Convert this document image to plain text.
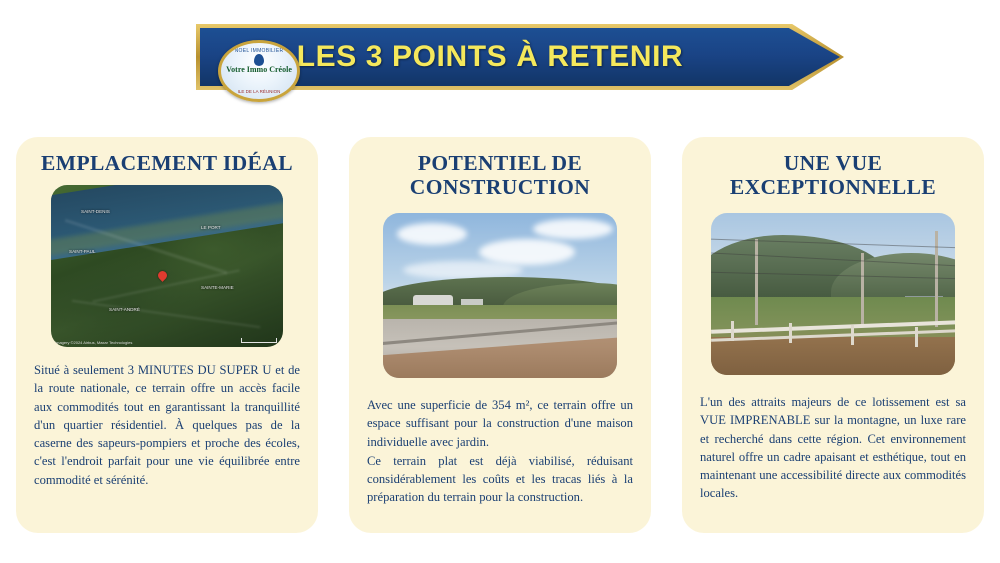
LES 3 POINTS À RETENIR
NOEL IMMOBILIER
Votre Immo Créole
ILE DE LA RÉUNION
EMPLACEMENT IDÉAL
SAINT-DENIS
SAINT-PAUL
LE PORT
SAINTE-MARIE
SAINT-ANDRÉ
Imagery ©2024 Airbus, Maxar Technologies

Situé à seulement 3 MINUTES DU SUPER U et de la route nationale, ce terrain offre un accès facile aux commodités tout en garantissant la tranquillité d'un quartier résidentiel. À quelques pas de la caserne des sapeurs-pompiers et proche des écoles, c'est l'endroit parfait pour une vie équilibrée entre commodité et sérénité.

POTENTIEL DE CONSTRUCTION

Avec une superficie de 354 m², ce terrain offre un espace suffisant pour la construction d'une maison individuelle avec jardin.

Ce terrain plat est déjà viabilisé, réduisant considérablement les coûts et les tracas liés à la préparation du terrain pour la construction.

UNE VUE EXCEPTIONNELLE

L'un des attraits majeurs de ce lotissement est sa VUE IMPRENABLE sur la montagne, un luxe rare et recherché dans cette région. Cet environnement naturel offre un cadre apaisant et esthétique, tout en maintenant une accessibilité directe aux commodités locales.
